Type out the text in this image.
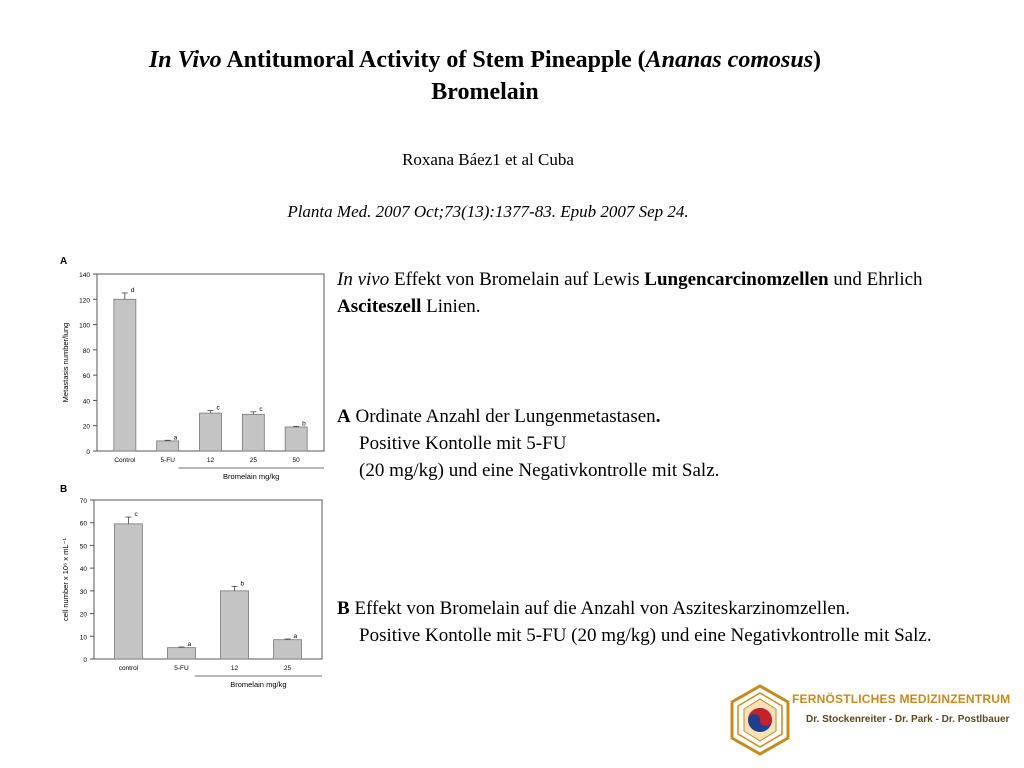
In Vivo Antitumoral Activity of Stem Pineapple (Ananas comosus)
Bromelain
Roxana Báez1 et al Cuba
Planta Med. 2007 Oct;73(13):1377-83. Epub 2007 Sep 24.
A
0
20
40
60
80
100
120
140
Metastasis number/lung
d
Control
a
5-FU
c
12
c
25
b
50
Bromelain mg/kg
B
0
10
20
30
40
50
60
70
cell number x 10⁶ x mL⁻¹
c
control
a
5-FU
b
12
a
25
Bromelain mg/kg
In vivo Effekt von Bromelain auf Lewis Lungencarcinomzellen und Ehrlich Asciteszell Linien.
A Ordinate Anzahl der Lungenmetastasen.
Positive Kontolle mit 5-FU
(20 mg/kg) und eine Negativkontrolle mit Salz.
B Effekt von Bromelain auf die Anzahl von Asziteskarzinomzellen.
Positive Kontolle mit 5-FU (20 mg/kg) und eine Negativkontrolle mit Salz.
FERNÖSTLICHES MEDIZINZENTRUM
Dr. Stockenreiter - Dr. Park - Dr. Postlbauer
